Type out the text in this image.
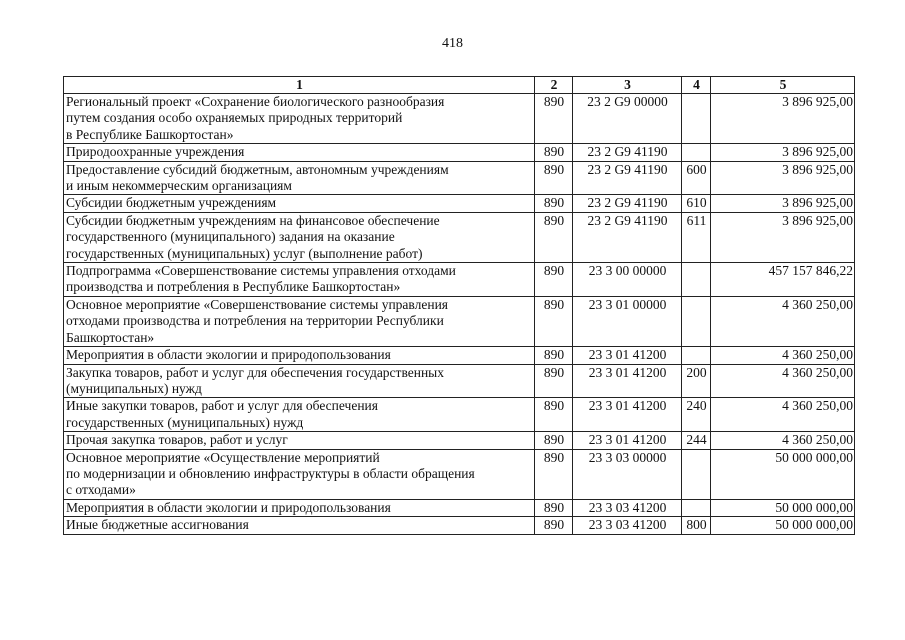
418
1	2	3	4	5
Региональный проект «Сохранение биологического разнообразия
путем создания особо охраняемых природных территорий
в Республике Башкортостан»	890	23 2 G9 00000		3 896 925,00
Природоохранные учреждения	890	23 2 G9 41190		3 896 925,00
Предоставление субсидий бюджетным, автономным учреждениям
и иным некоммерческим организациям	890	23 2 G9 41190	600	3 896 925,00
Субсидии бюджетным учреждениям	890	23 2 G9 41190	610	3 896 925,00
Субсидии бюджетным учреждениям на финансовое обеспечение
государственного (муниципального) задания на оказание
государственных (муниципальных) услуг (выполнение работ)	890	23 2 G9 41190	611	3 896 925,00
Подпрограмма «Совершенствование системы управления отходами
производства и потребления в Республике Башкортостан»	890	23 3 00 00000		457 157 846,22
Основное мероприятие «Совершенствование системы управления
отходами производства и потребления на территории Республики
Башкортостан»	890	23 3 01 00000		4 360 250,00
Мероприятия в области экологии и природопользования	890	23 3 01 41200		4 360 250,00
Закупка товаров, работ и услуг для обеспечения государственных
(муниципальных) нужд	890	23 3 01 41200	200	4 360 250,00
Иные закупки товаров, работ и услуг для обеспечения
государственных (муниципальных) нужд	890	23 3 01 41200	240	4 360 250,00
Прочая закупка товаров, работ и услуг	890	23 3 01 41200	244	4 360 250,00
Основное мероприятие «Осуществление мероприятий
по модернизации и обновлению инфраструктуры в области обращения
с отходами»	890	23 3 03 00000		50 000 000,00
Мероприятия в области экологии и природопользования	890	23 3 03 41200		50 000 000,00
Иные бюджетные ассигнования	890	23 3 03 41200	800	50 000 000,00
